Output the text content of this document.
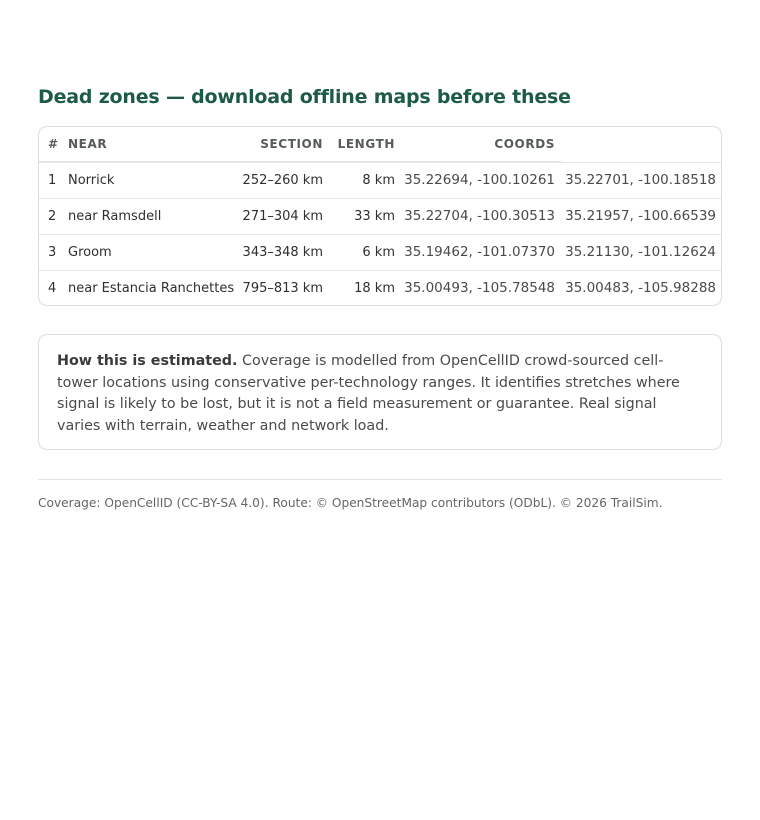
Dead zones — download offline maps before these
# NEAR	SECTION LENGTH	COORDS
1 Norrick	252–260 km	8 km 35.22694, -100.10261 35.22701, -100.18518
2 near Ramsdell	271–304 km 33 km 35.22704, -100.30513 35.21957, -100.66539
3 Groom	343–348 km	6 km 35.19462, -101.07370 35.21130, -101.12624
4 near Estancia Ranchettes 795–813 km 18 km 35.00493, -105.78548 35.00483, -105.98288
How this is estimated. Coverage is modelled from OpenCellID crowd-sourced cell-tower locations using conservative per-technology ranges. It identifies stretches where signal is likely to be lost, but it is not a field measurement or guarantee. Real signal varies with terrain, weather and network load.
Coverage: OpenCellID (CC-BY-SA 4.0). Route: © OpenStreetMap contributors (ODbL). © 2026 TrailSim.
